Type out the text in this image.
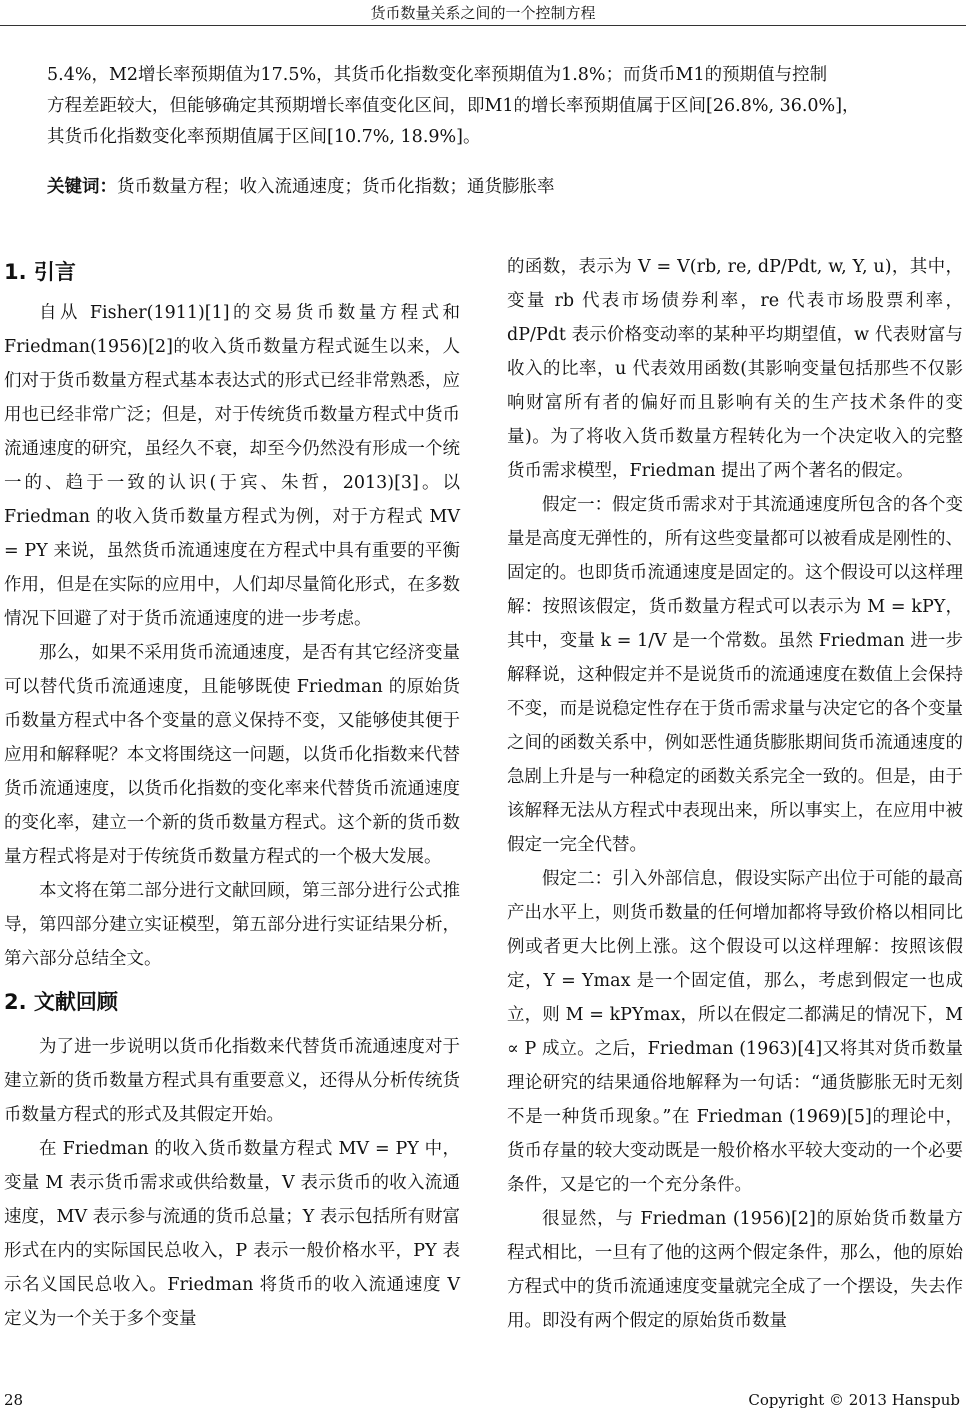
货币数量关系之间的一个控制方程

5.4%，M2增长率预期值为17.5%，其货币化指数变化率预期值为1.8%；而货币M1的预期值与控制

方程差距较大，但能够确定其预期增长率值变化区间，即M1的增长率预期值属于区间[26.8%, 36.0%]，

其货币化指数变化率预期值属于区间[10.7%, 18.9%]。

关键词：货币数量方程；收入流通速度；货币化指数；通货膨胀率
1. 引言

自从 Fisher(1911)[1]的交易货币数量方程式和 Friedman(1956)[2]的收入货币数量方程式诞生以来，人们对于货币数量方程式基本表达式的形式已经非常熟悉，应用也已经非常广泛；但是，对于传统货币数量方程式中货币流通速度的研究，虽经久不衰，却至今仍然没有形成一个统一的、趋于一致的认识(于宾、朱哲，2013)[3]。以 Friedman 的收入货币数量方程式为例，对于方程式 MV = PY 来说，虽然货币流通速度在方程式中具有重要的平衡作用，但是在实际的应用中，人们却尽量简化形式，在多数情况下回避了对于货币流通速度的进一步考虑。

那么，如果不采用货币流通速度，是否有其它经济变量可以替代货币流通速度，且能够既使 Friedman 的原始货币数量方程式中各个变量的意义保持不变，又能够使其便于应用和解释呢？本文将围绕这一问题，以货币化指数来代替货币流通速度，以货币化指数的变化率来代替货币流通速度的变化率，建立一个新的货币数量方程式。这个新的货币数量方程式将是对于传统货币数量方程式的一个极大发展。

本文将在第二部分进行文献回顾，第三部分进行公式推导，第四部分建立实证模型，第五部分进行实证结果分析，第六部分总结全文。

2. 文献回顾

为了进一步说明以货币化指数来代替货币流通速度对于建立新的货币数量方程式具有重要意义，还得从分析传统货币数量方程式的形式及其假定开始。

在 Friedman 的收入货币数量方程式 MV = PY 中，变量 M 表示货币需求或供给数量，V 表示货币的收入流通速度，MV 表示参与流通的货币总量；Y 表示包括所有财富形式在内的实际国民总收入，P 表示一般价格水平，PY 表示名义国民总收入。Friedman 将货币的收入流通速度 V 定义为一个关于多个变量

的函数，表示为 V = V(rb, re, dP/Pdt, w, Y, u)，其中，变量 rb 代表市场债券利率，re 代表市场股票利率，dP/Pdt 表示价格变动率的某种平均期望值，w 代表财富与收入的比率，u 代表效用函数(其影响变量包括那些不仅影响财富所有者的偏好而且影响有关的生产技术条件的变量)。为了将收入货币数量方程转化为一个决定收入的完整货币需求模型，Friedman 提出了两个著名的假定。

假定一：假定货币需求对于其流通速度所包含的各个变量是高度无弹性的，所有这些变量都可以被看成是刚性的、固定的。也即货币流通速度是固定的。这个假设可以这样理解：按照该假定，货币数量方程式可以表示为 M = kPY，其中，变量 k = 1/V 是一个常数。虽然 Friedman 进一步解释说，这种假定并不是说货币的流通速度在数值上会保持不变，而是说稳定性存在于货币需求量与决定它的各个变量之间的函数关系中，例如恶性通货膨胀期间货币流通速度的急剧上升是与一种稳定的函数关系完全一致的。但是，由于该解释无法从方程式中表现出来，所以事实上，在应用中被假定一完全代替。

假定二：引入外部信息，假设实际产出位于可能的最高产出水平上，则货币数量的任何增加都将导致价格以相同比例或者更大比例上涨。这个假设可以这样理解：按照该假定，Y = Ymax 是一个固定值，那么，考虑到假定一也成立，则 M = kPYmax，所以在假定二都满足的情况下，M ∝ P 成立。之后，Friedman (1963)[4]又将其对货币数量理论研究的结果通俗地解释为一句话：“通货膨胀无时无刻不是一种货币现象。”在 Friedman (1969)[5]的理论中，货币存量的较大变动既是一般价格水平较大变动的一个必要条件，又是它的一个充分条件。

很显然，与 Friedman (1956)[2]的原始货币数量方程式相比，一旦有了他的这两个假定条件，那么，他的原始方程式中的货币流通速度变量就完全成了一个摆设，失去作用。即没有两个假定的原始货币数量

28	Copyright © 2013 Hanspub
